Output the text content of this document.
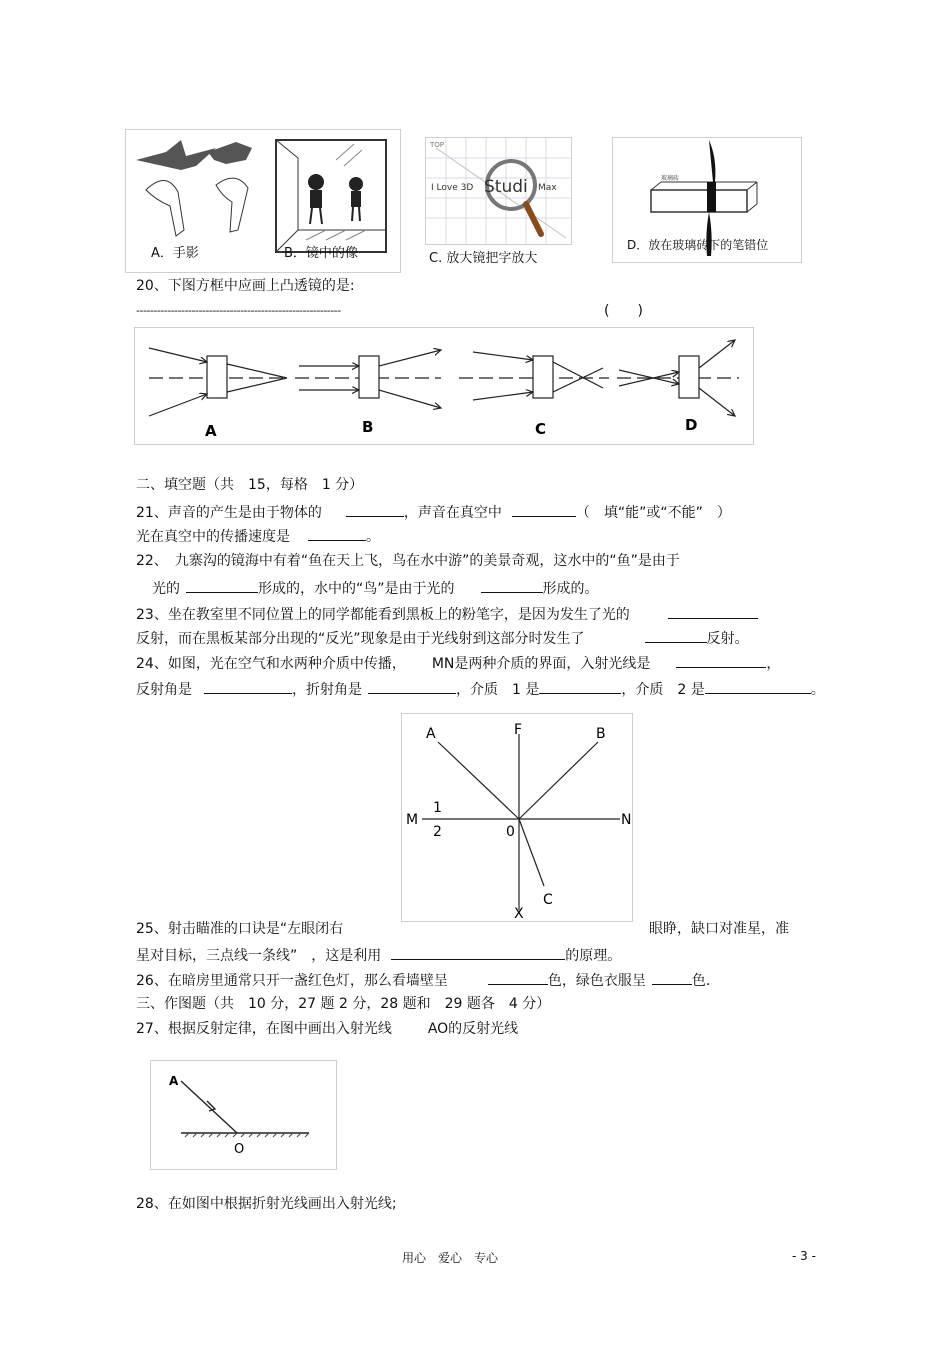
A．手影	B．镜中的像
TOP
I Love 3D Studi Max
C. 放大镜把字放大
玻璃砖
D．放在玻璃砖下的笔错位
20、下图方框中应画上凸透镜的是:
-----------------------------------------------------------	(　　)
A	B	C	D
二、填空题（共　15，每格　1 分）
21、声音的产生是由于物体的	，声音在真空中	（　填“能”或“不能”　）
光在真空中的传播速度是	。
22、　九寨沟的镜海中有着“鱼在天上飞，鸟在水中游”的美景奇观，这水中的“鱼”是由于
光的	形成的，水中的“鸟”是由于光的	形成的。
23、坐在教室里不同位置上的同学都能看到黑板上的粉笔字，是因为发生了光的
反射，而在黑板某部分出现的“反光”现象是由于光线射到这部分时发生了	反射。
24、如图，光在空气和水两种介质中传播， MN是两种介质的界面，入射光线是	，
反射角是	，折射角是	，介质　1 是	，介质　2 是	。
A	F	B
M	N
1
2	0
C
X
25、射击瞄准的口诀是“左眼闭右	眼睁，缺口对准星，准
星对目标，三点线一条线”　，这是利用	的原理。
26、在暗房里通常只开一盏红色灯，那么看墙壁呈	色，绿色衣服呈	色．
三、作图题（共　10 分，27 题 2 分，28 题和　29 题各　4 分）
27、根据反射定律，在图中画出入射光线	AO的反射光线
A
O
28、在如图中根据折射光线画出入射光线;
用心　爱心　专心	- 3 -
